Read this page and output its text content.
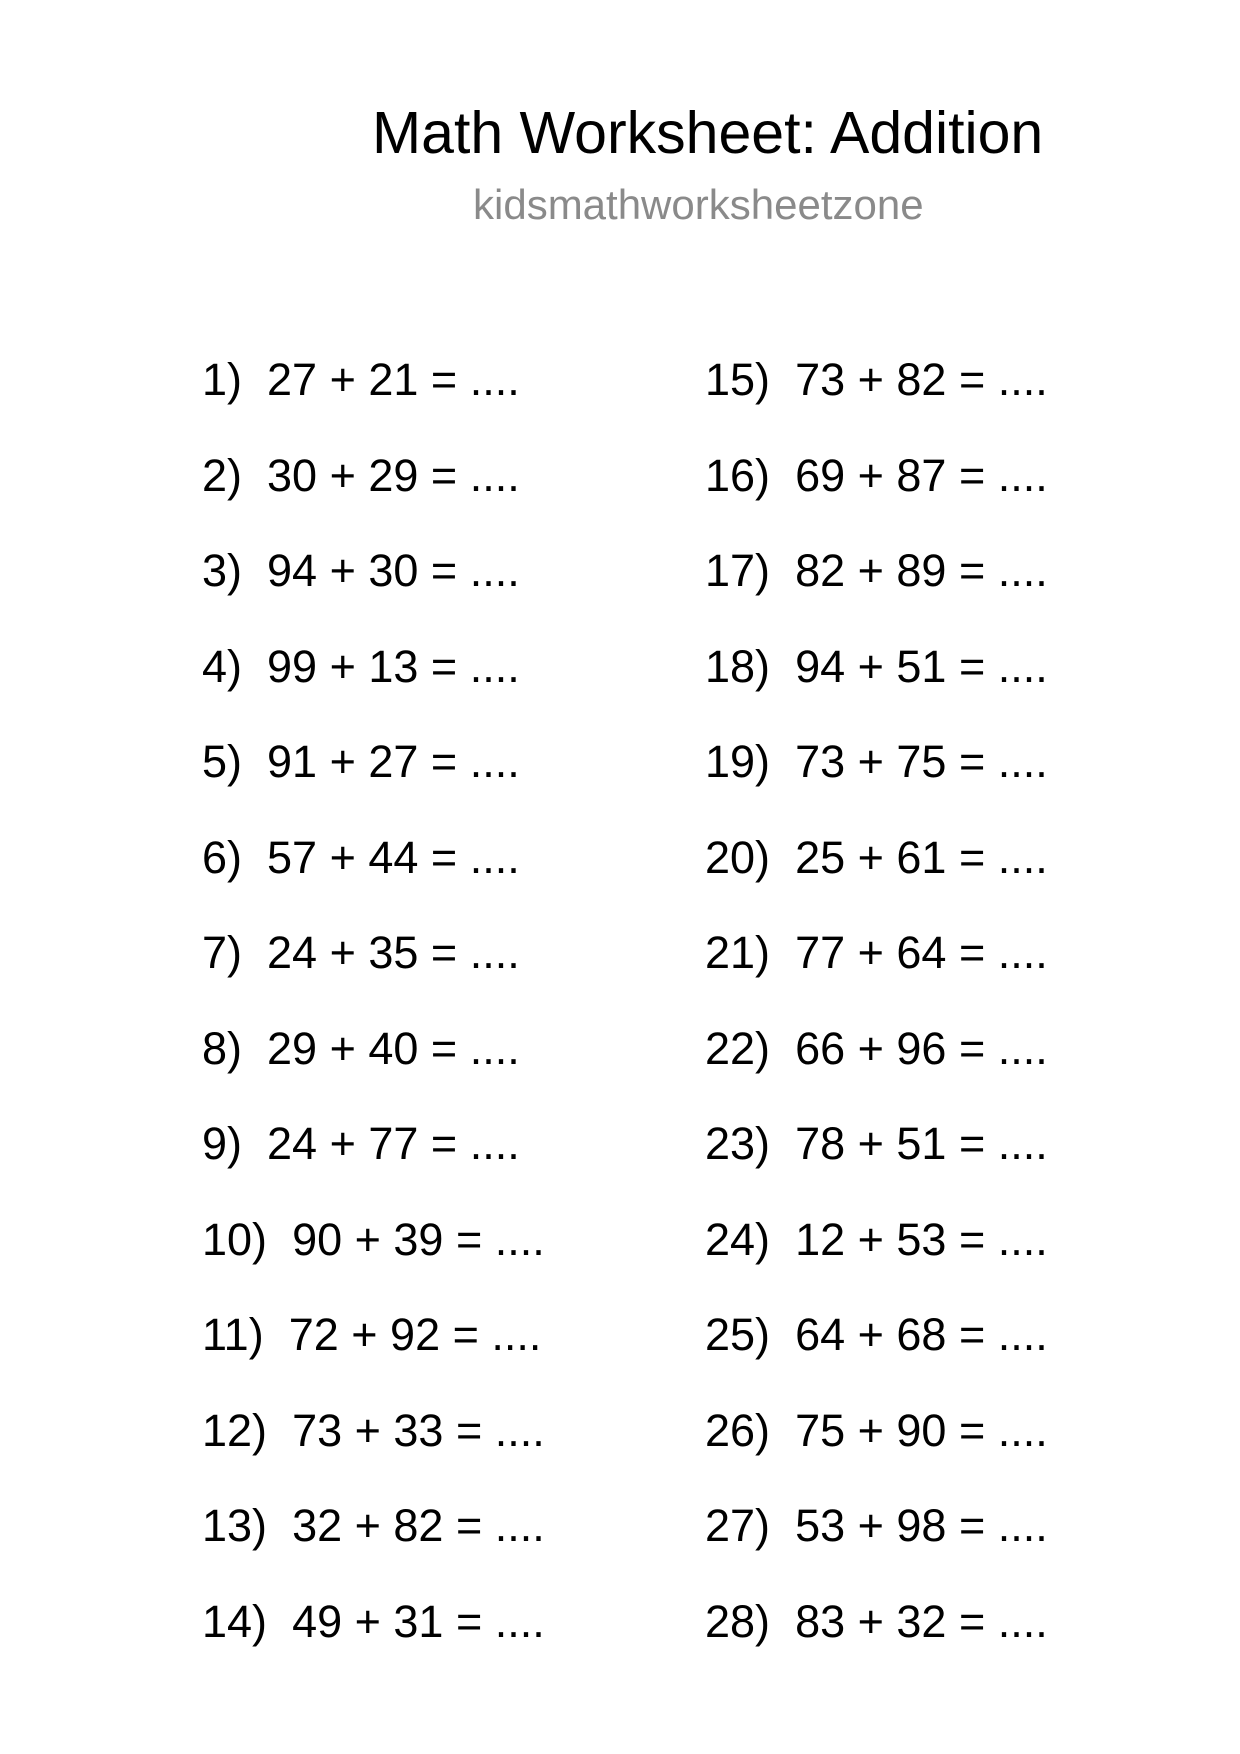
Math Worksheet: Addition
kidsmathworksheetzone
1) 27 + 21 = ....
2) 30 + 29 = ....
3) 94 + 30 = ....
4) 99 + 13 = ....
5) 91 + 27 = ....
6) 57 + 44 = ....
7) 24 + 35 = ....
8) 29 + 40 = ....
9) 24 + 77 = ....
10) 90 + 39 = ....
11) 72 + 92 = ....
12) 73 + 33 = ....
13) 32 + 82 = ....
14) 49 + 31 = ....
15) 73 + 82 = ....
16) 69 + 87 = ....
17) 82 + 89 = ....
18) 94 + 51 = ....
19) 73 + 75 = ....
20) 25 + 61 = ....
21) 77 + 64 = ....
22) 66 + 96 = ....
23) 78 + 51 = ....
24) 12 + 53 = ....
25) 64 + 68 = ....
26) 75 + 90 = ....
27) 53 + 98 = ....
28) 83 + 32 = ....
